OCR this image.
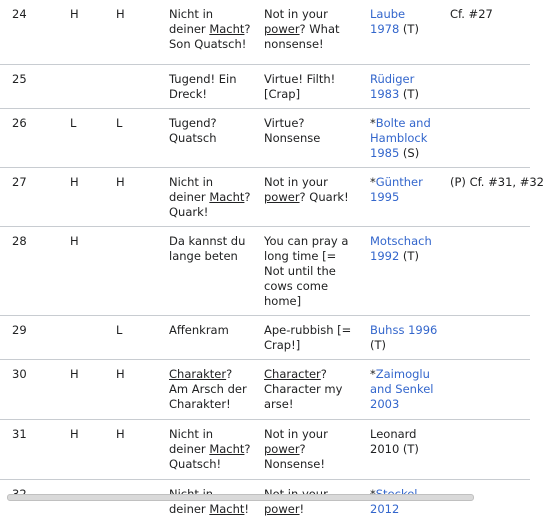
24	H	H	Nicht in deiner Macht? Son Quatsch!	Not in your power? What nonsense!	Laube 1978 (T)	Cf. #27
25			Tugend! Ein Dreck!	Virtue! Filth! [Crap]	Rüdiger 1983 (T)	
26	L	L	Tugend? Quatsch	Virtue? Nonsense	*Bolte and Hamblock 1985 (S)	
27	H	H	Nicht in deiner Macht? Quark!	Not in your power? Quark!	*Günther 1995	(P) Cf. #31, #32
28	H		Da kannst du lange beten	You can pray a long time [= Not until the cows come home]	Motschach 1992 (T)	
29		L	Affenkram	Ape-rubbish [= Crap!]	Buhss 1996 (T)	
30	H	H	Charakter? Am Arsch der Charakter!	Character? Character my arse!	*Zaimoglu and Senkel 2003	
31	H	H	Nicht in deiner Macht? Quatsch!	Not in your power? Nonsense!	Leonard 2010 (T)	
			deiner Macht!	power!	2012	
